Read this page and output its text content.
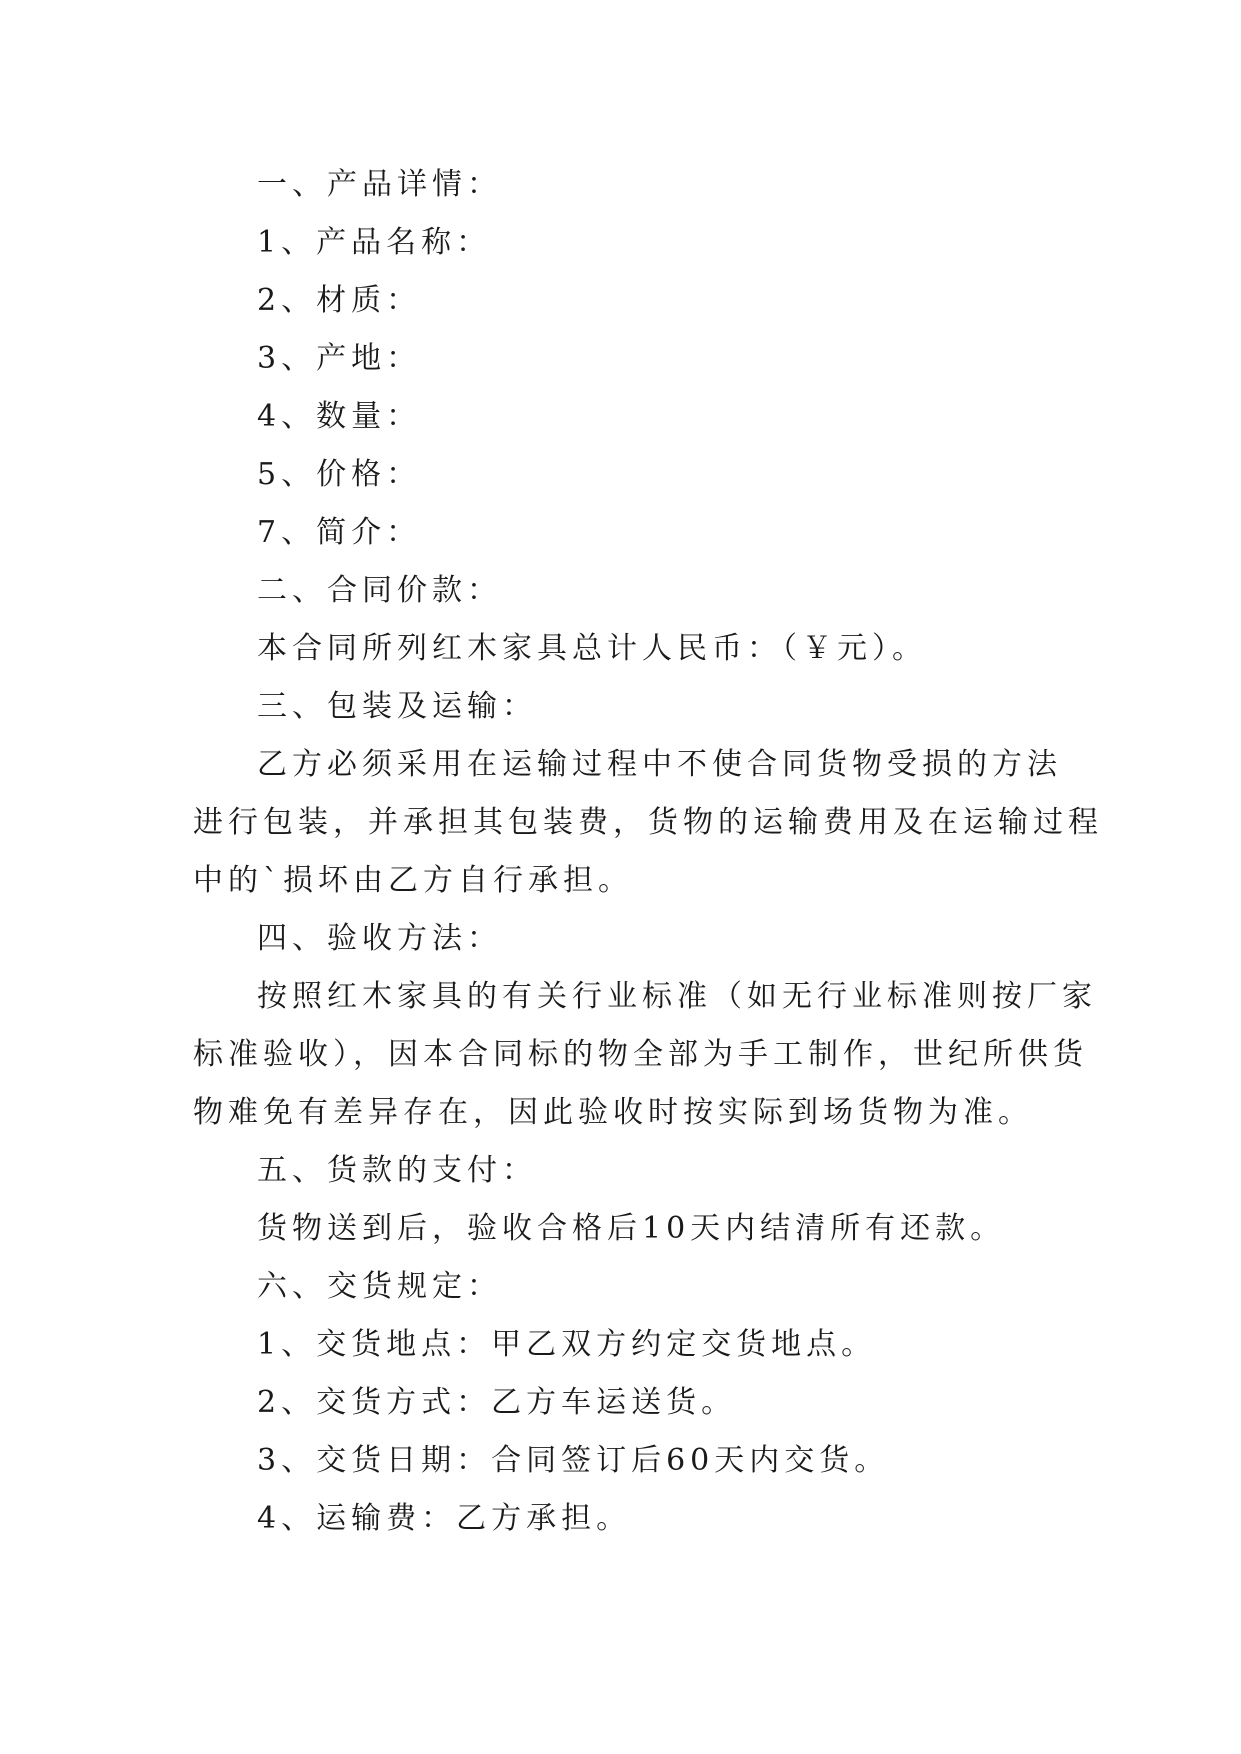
一、产品详情：
1、产品名称：
2、材质：
3、产地：
4、数量：
5、价格：
7、简介：
二、合同价款：
本合同所列红木家具总计人民币：（￥元）。
三、包装及运输：
乙方必须采用在运输过程中不使合同货物受损的方法
进行包装，并承担其包装费，货物的运输费用及在运输过程
中的`损坏由乙方自行承担。
四、验收方法：
按照红木家具的有关行业标准（如无行业标准则按厂家
标准验收），因本合同标的物全部为手工制作，世纪所供货
物难免有差异存在，因此验收时按实际到场货物为准。
五、货款的支付：
货物送到后，验收合格后10天内结清所有还款。
六、交货规定：
1、交货地点：甲乙双方约定交货地点。
2、交货方式：乙方车运送货。
3、交货日期：合同签订后60天内交货。
4、运输费：乙方承担。
